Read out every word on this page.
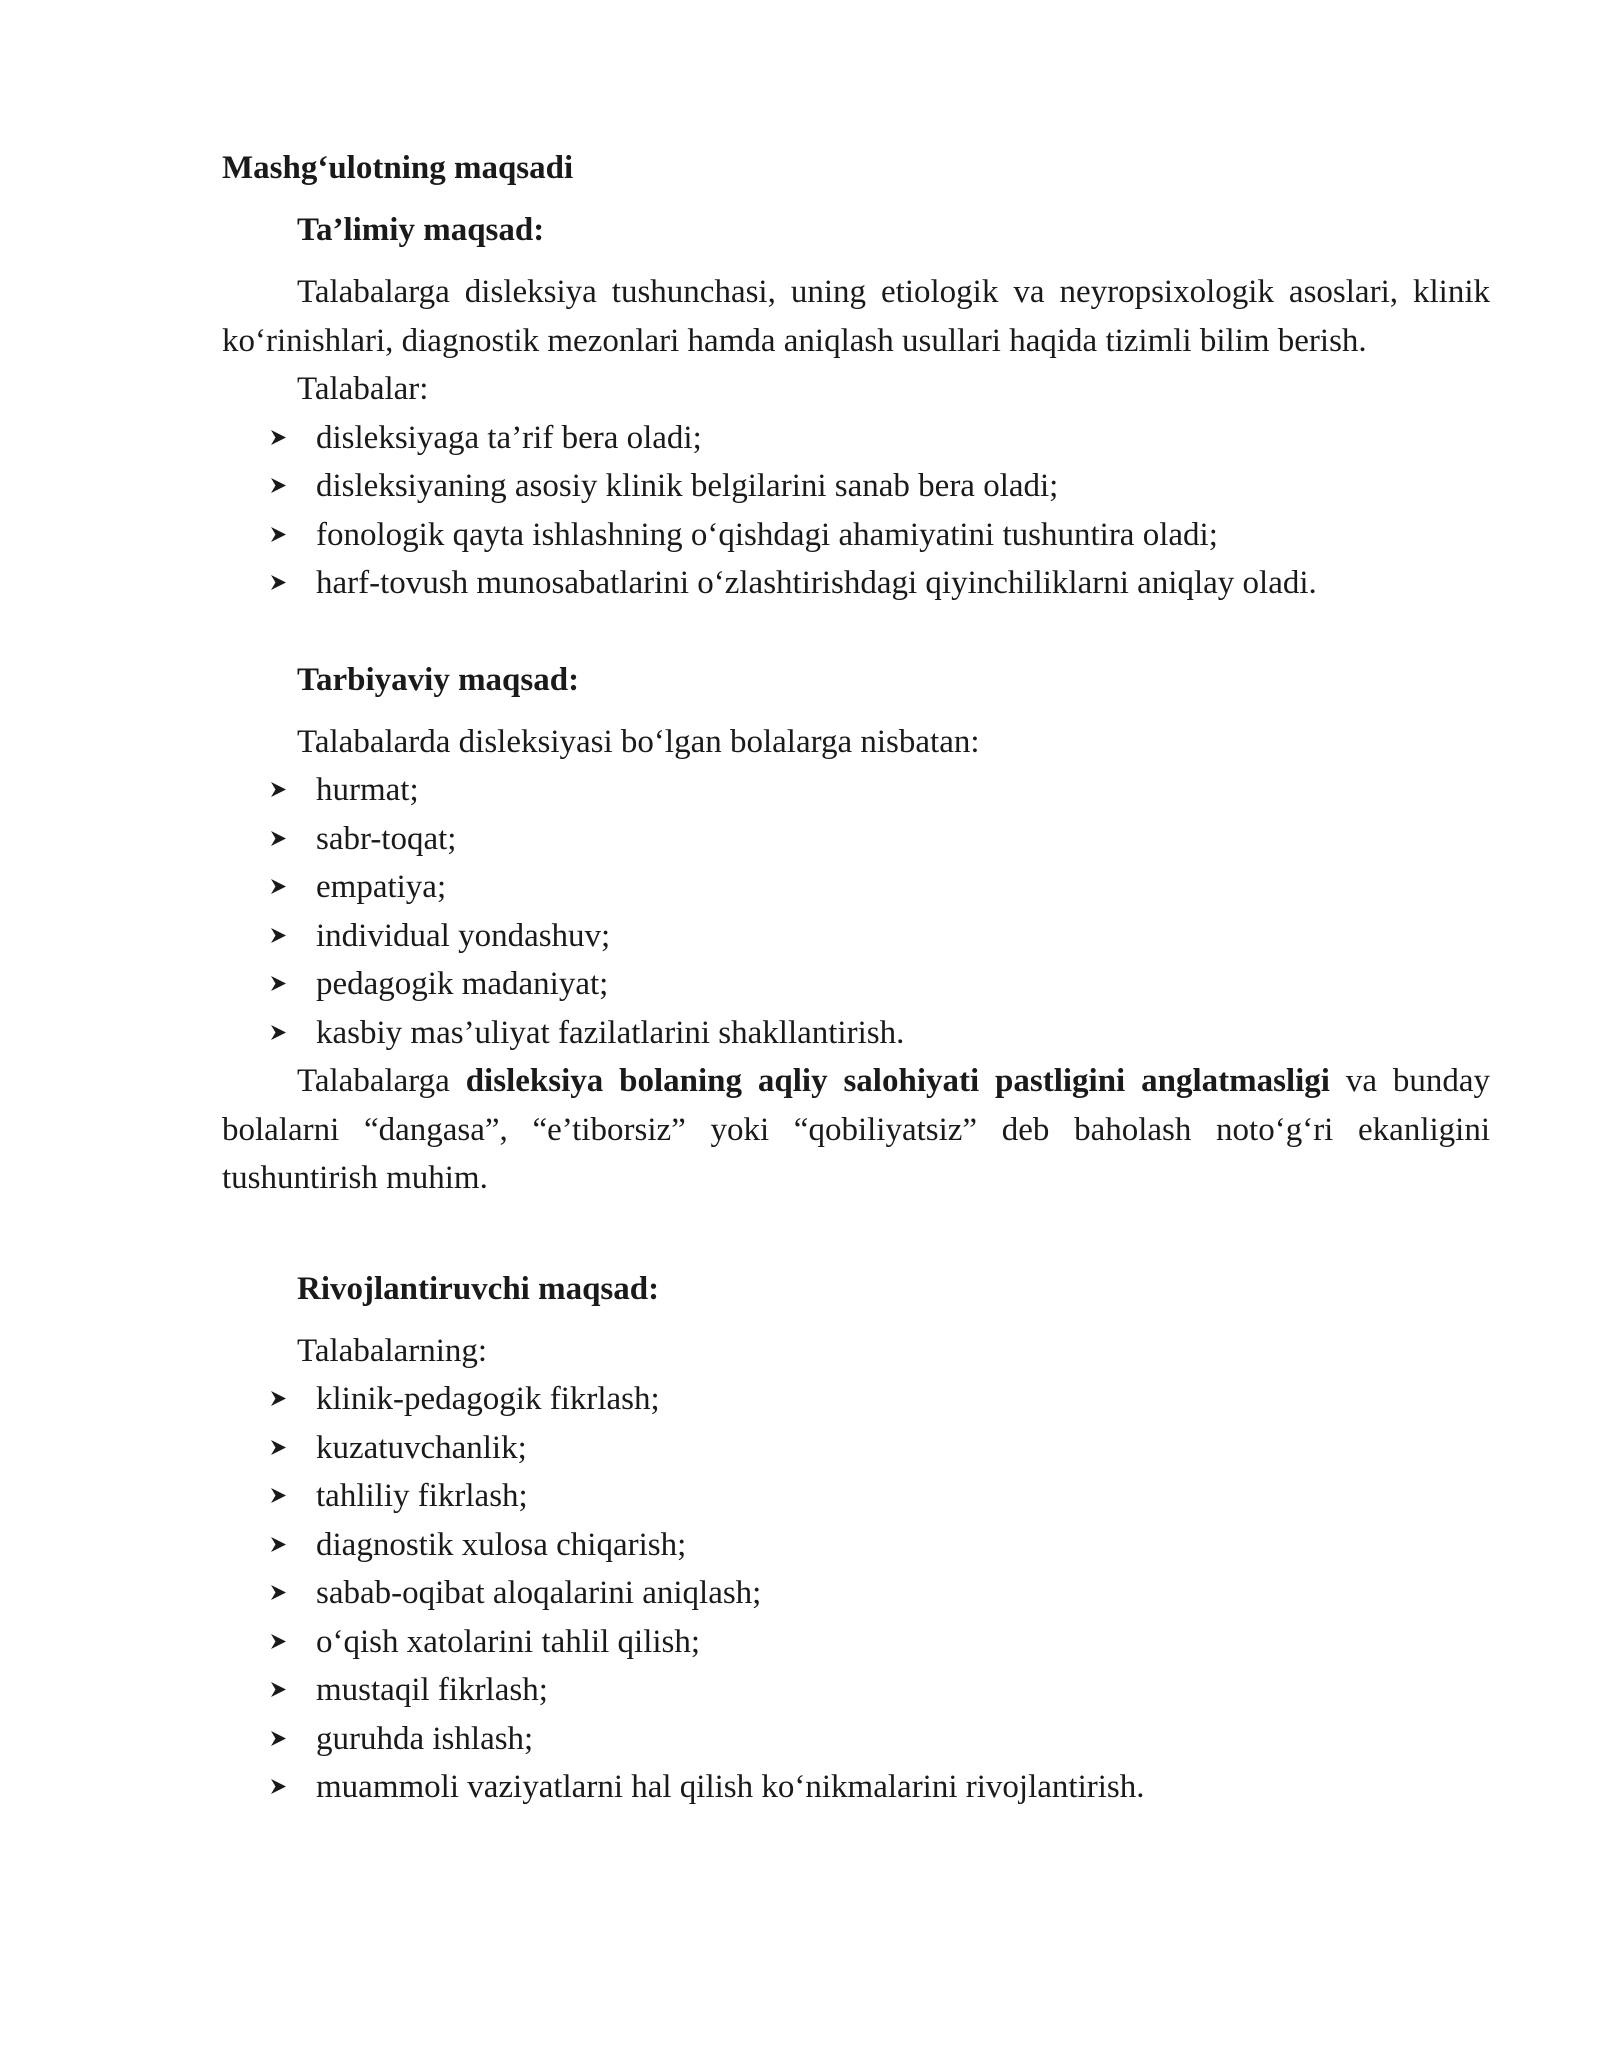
Mashg‘ulotning maqsadi
Ta’limiy maqsad:

Talabalarga disleksiya tushunchasi, uning etiologik va neyropsixologik asoslari, klinik ko‘rinishlari, diagnostik mezonlari hamda aniqlash usullari haqida tizimli bilim berish.

Talabalar:
disleksiyaga ta’rif bera oladi;
disleksiyaning asosiy klinik belgilarini sanab bera oladi;
fonologik qayta ishlashning o‘qishdagi ahamiyatini tushuntira oladi;
harf-tovush munosabatlarini o‘zlashtirishdagi qiyinchiliklarni aniqlay oladi.
Tarbiyaviy maqsad:
Talabalarda disleksiyasi bo‘lgan bolalarga nisbatan:
hurmat;
sabr-toqat;
empatiya;
individual yondashuv;
pedagogik madaniyat;
kasbiy mas’uliyat fazilatlarini shakllantirish.

Talabalarga disleksiya bolaning aqliy salohiyati pastligini anglatmasligi va bunday bolalarni “dangasa”, “e’tiborsiz” yoki “qobiliyatsiz” deb baholash noto‘g‘ri ekanligini tushuntirish muhim.

Rivojlantiruvchi maqsad:
Talabalarning:
klinik-pedagogik fikrlash;
kuzatuvchanlik;
tahliliy fikrlash;
diagnostik xulosa chiqarish;
sabab-oqibat aloqalarini aniqlash;
o‘qish xatolarini tahlil qilish;
mustaqil fikrlash;
guruhda ishlash;
muammoli vaziyatlarni hal qilish ko‘nikmalarini rivojlantirish.
